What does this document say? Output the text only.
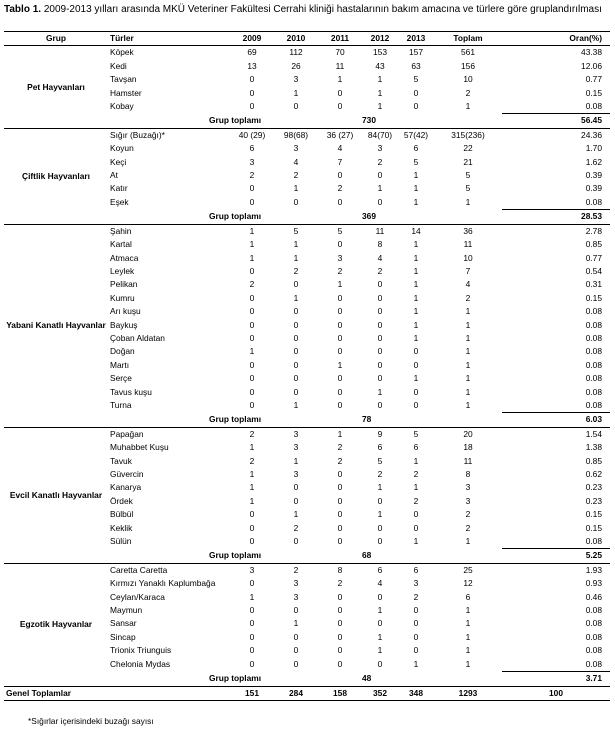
Tablo 1. 2009-2013 yılları arasında MKÜ Veteriner Fakültesi Cerrahi kliniği hastalarının bakım amacına ve türlere göre gruplandırılması
Grup	Türler	2009	2010	2011	2012	2013	Toplam	Oran(%)
Pet Hayvanları	Köpek	69	112	70	153	157	561	43.38
	Kedi	13	26	11	43	63	156	12.06
	Tavşan	0	3	1	1	5	10	0.77
	Hamster	0	1	0	1	0	2	0.15
	Kobay	0	0	0	1	0	1	0.08
	Grup toplamı				730			56.45
Çiftlik Hayvanları	Sığır (Buzağı)*	40 (29)	98(68)	36 (27)	84(70)	57(42)	315(236)	24.36
	Koyun	6	3	4	3	6	22	1.70
	Keçi	3	4	7	2	5	21	1.62
	At	2	2	0	0	1	5	0.39
	Katır	0	1	2	1	1	5	0.39
	Eşek	0	0	0	0	1	1	0.08
	Grup toplamı				369			28.53
Yabani Kanatlı Hayvanlar	Şahin	1	5	5	11	14	36	2.78
	Kartal	1	1	0	8	1	11	0.85
	Atmaca	1	1	3	4	1	10	0.77
	Leylek	0	2	2	2	1	7	0.54
	Pelikan	2	0	1	0	1	4	0.31
	Kumru	0	1	0	0	1	2	0.15
	Arı kuşu	0	0	0	0	1	1	0.08
	Baykuş	0	0	0	0	1	1	0.08
	Çoban Aldatan	0	0	0	0	1	1	0.08
	Doğan	1	0	0	0	0	1	0.08
	Martı	0	0	1	0	0	1	0.08
	Serçe	0	0	0	0	1	1	0.08
	Tavus kuşu	0	0	0	1	0	1	0.08
	Turna	0	1	0	0	0	1	0.08
	Grup toplamı				78			6.03
Evcil Kanatlı Hayvanlar	Papağan	2	3	1	9	5	20	1.54
	Muhabbet Kuşu	1	3	2	6	6	18	1.38
	Tavuk	2	1	2	5	1	11	0.85
	Güvercin	1	3	0	2	2	8	0.62
	Kanarya	1	0	0	1	1	3	0.23
	Ördek	1	0	0	0	2	3	0.23
	Bülbül	0	1	0	1	0	2	0.15
	Keklik	0	2	0	0	0	2	0.15
	Sülün	0	0	0	0	1	1	0.08
	Grup toplamı				68			5.25
Egzotik Hayvanlar	Caretta Caretta	3	2	8	6	6	25	1.93
	Kırmızı Yanaklı Kaplumbağa	0	3	2	4	3	12	0.93
	Ceylan/Karaca	1	3	0	0	2	6	0.46
	Maymun	0	0	0	1	0	1	0.08
	Sansar	0	1	0	0	0	1	0.08
	Sincap	0	0	0	1	0	1	0.08
	Trionix Triunguis	0	0	0	1	0	1	0.08
	Chelonia Mydas	0	0	0	0	1	1	0.08
	Grup toplamı				48			3.71
Genel Toplamlar		151	284	158	352	348	1293	100
*Sığırlar içerisindeki buzağı sayısı
